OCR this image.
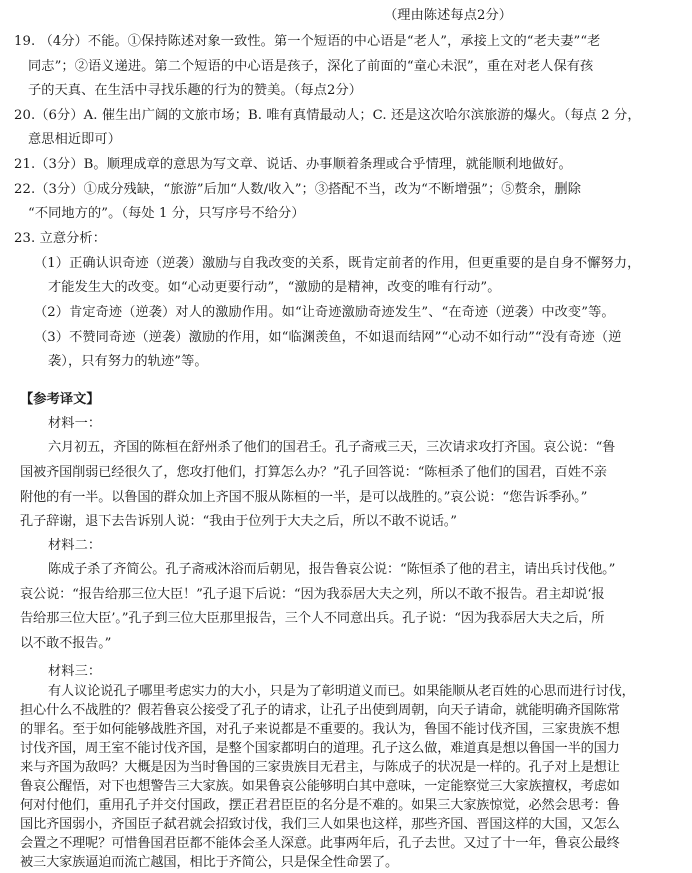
（理由陈述每点2分）
19. （4分）不能。①保持陈述对象一致性。第一个短语的中心语是“老人”，承接上文的“老夫妻”“老
同志”；②语义递进。第二个短语的中心语是孩子，深化了前面的“童心未泯”，重在对老人保有孩
子的天真、在生活中寻找乐趣的行为的赞美。（每点2分）
20.（6分）A. 催生出广阔的文旅市场；B. 唯有真情最动人；C. 还是这次哈尔滨旅游的爆火。（每点 2 分，
意思相近即可）
21.（3分）B。顺理成章的意思为写文章、说话、办事顺着条理或合乎情理，就能顺利地做好。
22.（3分）①成分残缺，“旅游”后加“人数/收入”；③搭配不当，改为“不断增强”；⑤赘余，删除
“不同地方的”。（每处 1 分，只写序号不给分）
23. 立意分析：
（1）正确认识奇迹（逆袭）激励与自我改变的关系，既肯定前者的作用，但更重要的是自身不懈努力，
才能发生大的改变。如“心动更要行动”，“激励的是精神，改变的唯有行动”。
（2）肯定奇迹（逆袭）对人的激励作用。如“让奇迹激励奇迹发生”、“在奇迹（逆袭）中改变”等。
（3）不赞同奇迹（逆袭）激励的作用，如“临渊羡鱼，不如退而结网”“心动不如行动”“没有奇迹（逆
袭），只有努力的轨迹”等。
【参考译文】
材料一：
六月初五，齐国的陈桓在舒州杀了他们的国君壬。孔子斋戒三天，三次请求攻打齐国。哀公说：“鲁
国被齐国削弱已经很久了，您攻打他们，打算怎么办？”孔子回答说：“陈桓杀了他们的国君，百姓不亲
附他的有一半。以鲁国的群众加上齐国不服从陈桓的一半，是可以战胜的。”哀公说：“您告诉季孙。”
孔子辞谢，退下去告诉别人说：“我由于位列于大夫之后，所以不敢不说话。”
材料二：
陈成子杀了齐简公。孔子斋戒沐浴而后朝见，报告鲁哀公说：“陈恒杀了他的君主，请出兵讨伐他。”
哀公说：“报告给那三位大臣！”孔子退下后说：“因为我忝居大夫之列，所以不敢不报告。君主却说‘报
告给那三位大臣’。”孔子到三位大臣那里报告，三个人不同意出兵。孔子说：“因为我忝居大夫之后，所
以不敢不报告。”
材料三：
有人议论说孔子哪里考虑实力的大小，只是为了彰明道义而已。如果能顺从老百姓的心思而进行讨伐，
担心什么不战胜的？假若鲁哀公接受了孔子的请求，让孔子出使到周朝，向天子请命，就能明确齐国陈常
的罪名。至于如何能够战胜齐国，对孔子来说都是不重要的。我认为，鲁国不能讨伐齐国，三家贵族不想
讨伐齐国，周王室不能讨伐齐国，是整个国家都明白的道理。孔子这么做，难道真是想以鲁国一半的国力
来与齐国为敌吗？大概是因为当时鲁国的三家贵族目无君主，与陈成子的状况是一样的。孔子对上是想让
鲁哀公醒悟，对下也想警告三大家族。如果鲁哀公能够明白其中意味，一定能察觉三大家族擅权，考虑如
何对付他们，重用孔子并交付国政，摆正君君臣臣的名分是不难的。如果三大家族惊觉，必然会思考：鲁
国比齐国弱小，齐国臣子弑君就会招致讨伐，我们三人如果也这样，那些齐国、晋国这样的大国，又怎么
会置之不理呢？可惜鲁国君臣都不能体会圣人深意。此事两年后，孔子去世。又过了十一年，鲁哀公最终
被三大家族逼迫而流亡越国，相比于齐简公，只是保全性命罢了。
